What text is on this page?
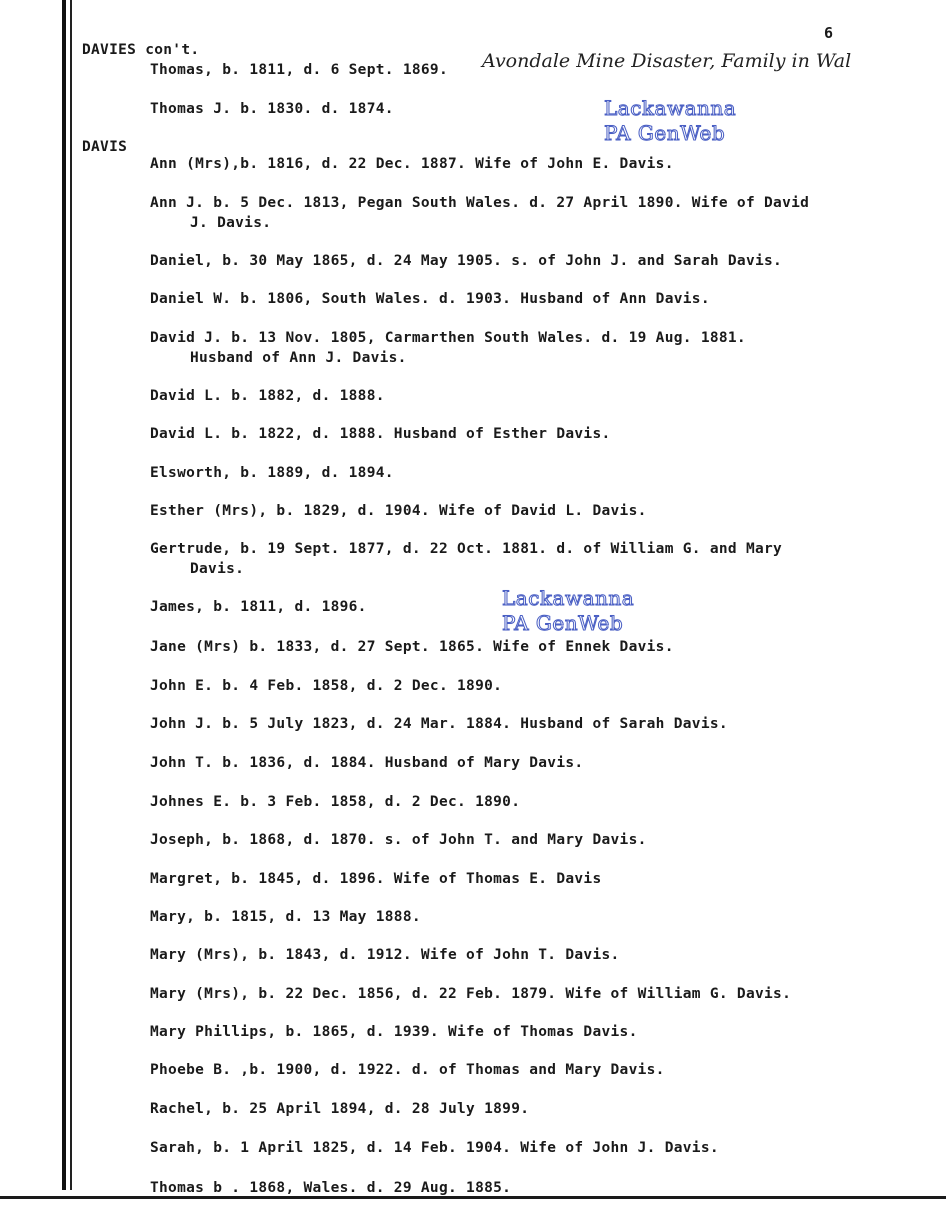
6
DAVIES con't.
DAVIS
Avondale Mine Disaster, Family in Wal
Lackawanna
PA GenWeb
Lackawanna
PA GenWeb
Thomas, b. 1811, d. 6 Sept. 1869.
Thomas J. b. 1830. d. 1874.
Ann (Mrs),b. 1816, d. 22 Dec. 1887. Wife of John E. Davis.
Ann J. b. 5 Dec. 1813, Pegan South Wales. d. 27 April 1890. Wife of David
J. Davis.
Daniel, b. 30 May 1865, d. 24 May 1905. s. of John J. and Sarah Davis.
Daniel W. b. 1806, South Wales. d. 1903. Husband of Ann Davis.
David J. b. 13 Nov. 1805, Carmarthen South Wales. d. 19 Aug. 1881.
Husband of Ann J. Davis.
David L. b. 1882, d. 1888.
David L. b. 1822, d. 1888. Husband of Esther Davis.
Elsworth, b. 1889, d. 1894.
Esther (Mrs), b. 1829, d. 1904. Wife of David L. Davis.
Gertrude, b. 19 Sept. 1877, d. 22 Oct. 1881. d. of William G. and Mary
Davis.
James, b. 1811, d. 1896.
Jane (Mrs) b. 1833, d. 27 Sept. 1865. Wife of Ennek Davis.
John E. b. 4 Feb. 1858, d. 2 Dec. 1890.
John J. b. 5 July 1823, d. 24 Mar. 1884. Husband of Sarah Davis.
John T. b. 1836, d. 1884. Husband of Mary Davis.
Johnes E. b. 3 Feb. 1858, d. 2 Dec. 1890.
Joseph, b. 1868, d. 1870. s. of John T. and Mary Davis.
Margret, b. 1845, d. 1896. Wife of Thomas E. Davis
Mary, b. 1815, d. 13 May 1888.
Mary (Mrs), b. 1843, d. 1912. Wife of John T. Davis.
Mary (Mrs), b. 22 Dec. 1856, d. 22 Feb. 1879. Wife of William G. Davis.
Mary Phillips, b. 1865, d. 1939. Wife of Thomas Davis.
Phoebe B. ,b. 1900, d. 1922. d. of Thomas and Mary Davis.
Rachel, b. 25 April 1894, d. 28 July 1899.
Sarah, b. 1 April 1825, d. 14 Feb. 1904. Wife of John J. Davis.
Thomas b . 1868, Wales. d. 29 Aug. 1885.
